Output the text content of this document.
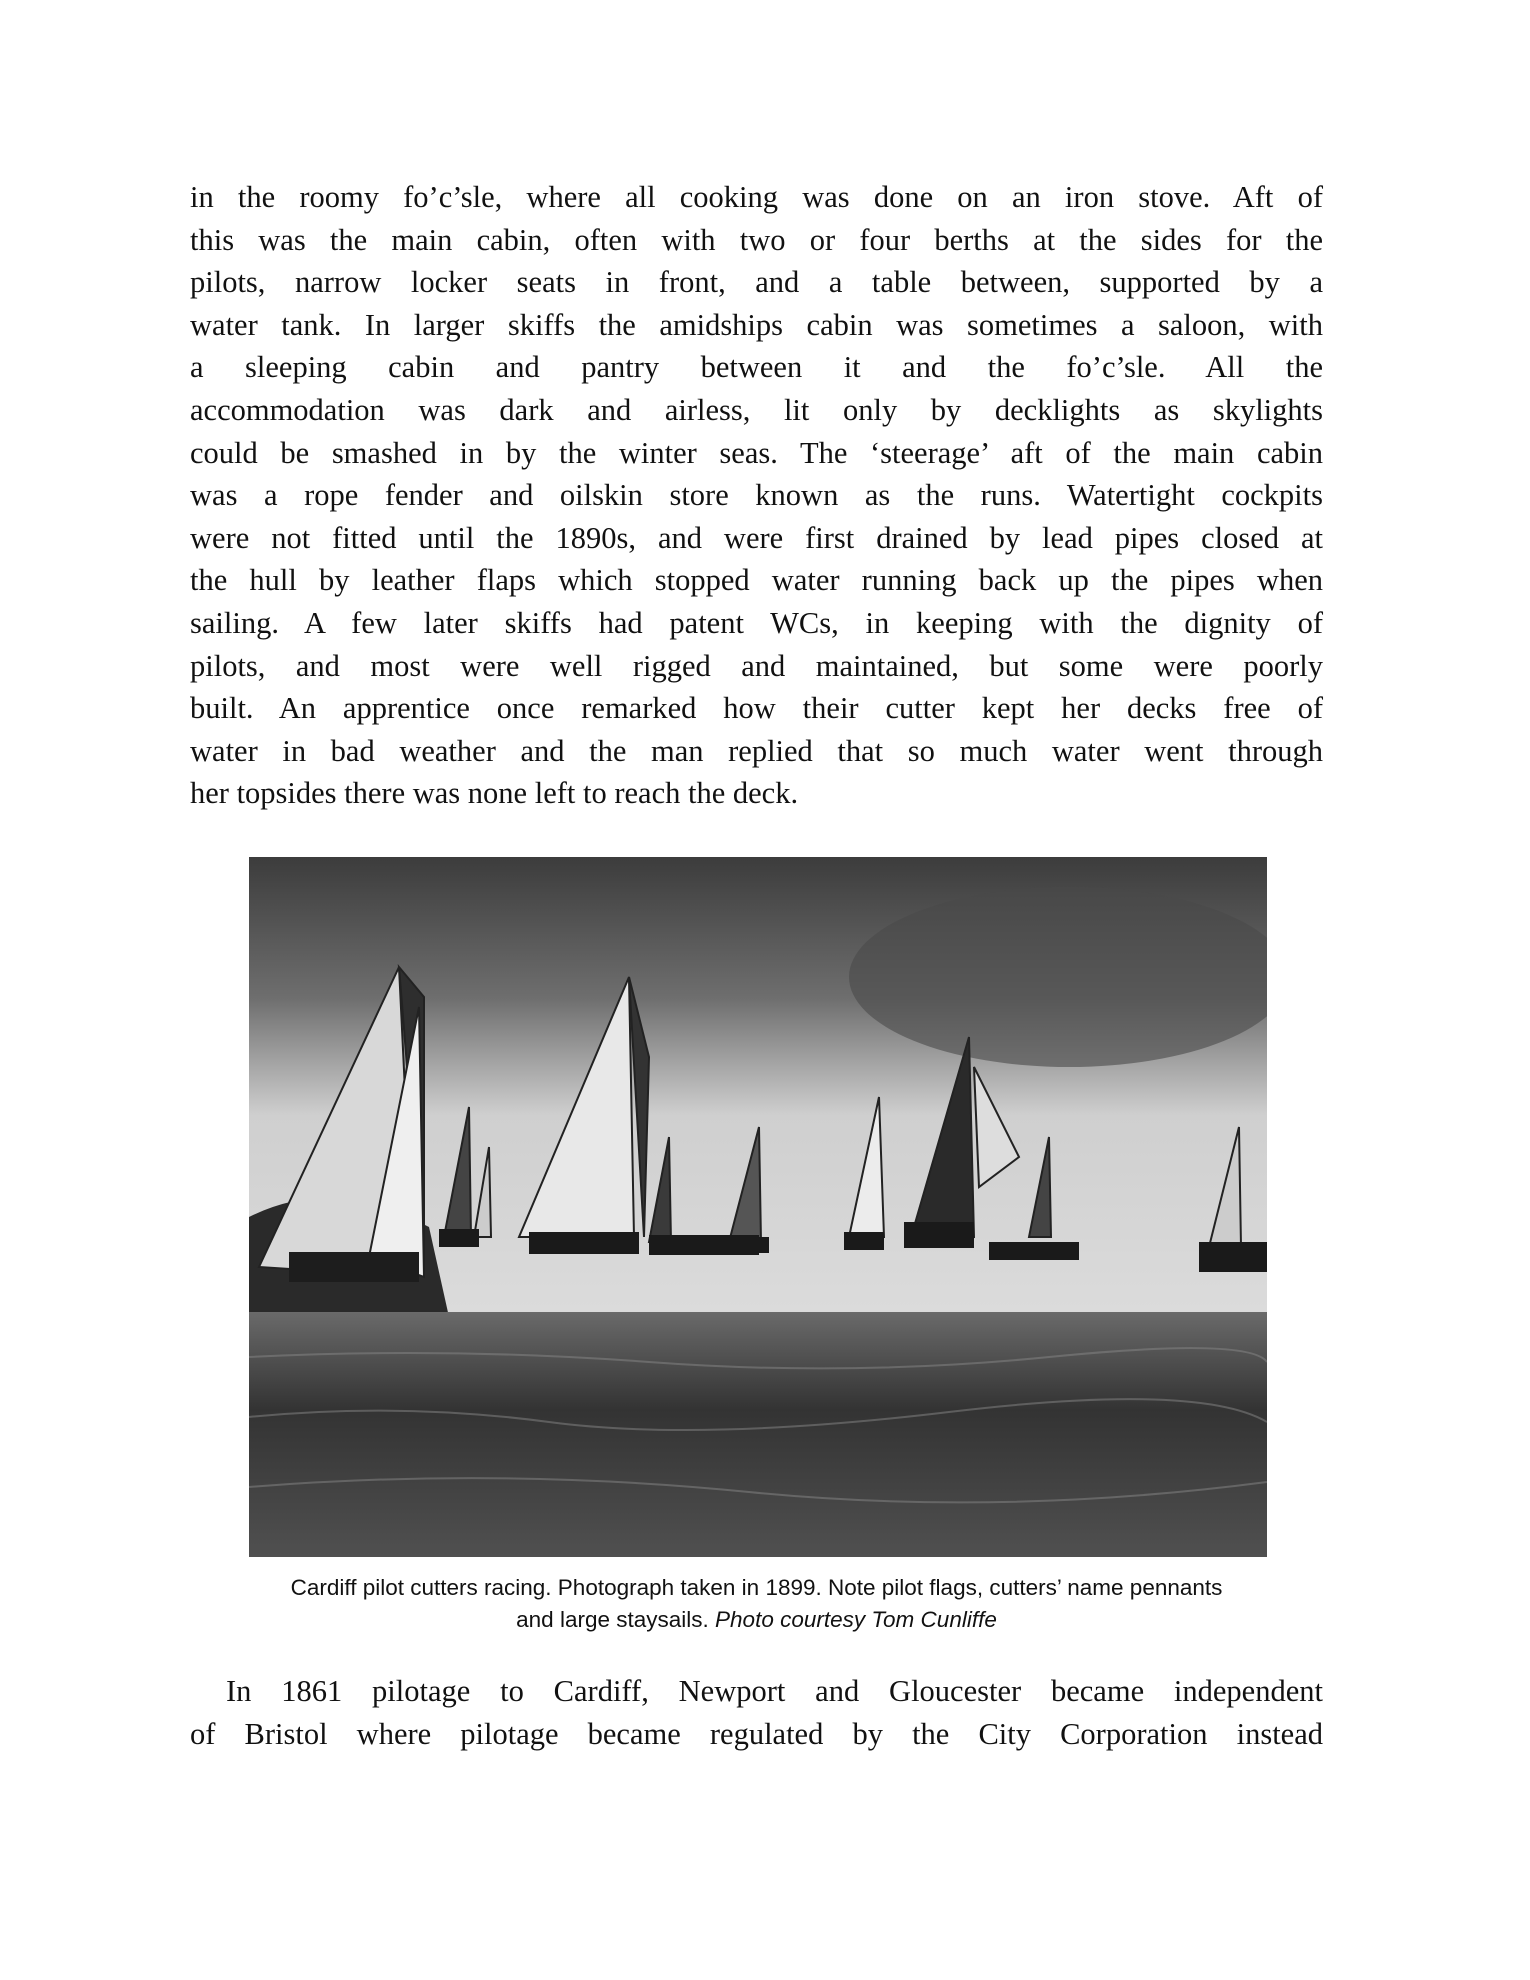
in the roomy fo’c’sle, where all cooking was done on an iron stove. Aft of
this was the main cabin, often with two or four berths at the sides for the
pilots, narrow locker seats in front, and a table between, supported by a
water tank. In larger skiffs the amidships cabin was sometimes a saloon, with
a sleeping cabin and pantry between it and the fo’c’sle. All the
accommodation was dark and airless, lit only by decklights as skylights
could be smashed in by the winter seas. The ‘steerage’ aft of the main cabin
was a rope fender and oilskin store known as the runs. Watertight cockpits
were not fitted until the 1890s, and were first drained by lead pipes closed at
the hull by leather flaps which stopped water running back up the pipes when
sailing. A few later skiffs had patent WCs, in keeping with the dignity of
pilots, and most were well rigged and maintained, but some were poorly
built. An apprentice once remarked how their cutter kept her decks free of
water in bad weather and the man replied that so much water went through
her topsides there was none left to reach the deck.
Cardiff pilot cutters racing. Photograph taken in 1899. Note pilot flags, cutters’ name pennants
and large staysails. Photo courtesy Tom Cunliffe
In 1861 pilotage to Cardiff, Newport and Gloucester became independent
of Bristol where pilotage became regulated by the City Corporation instead
